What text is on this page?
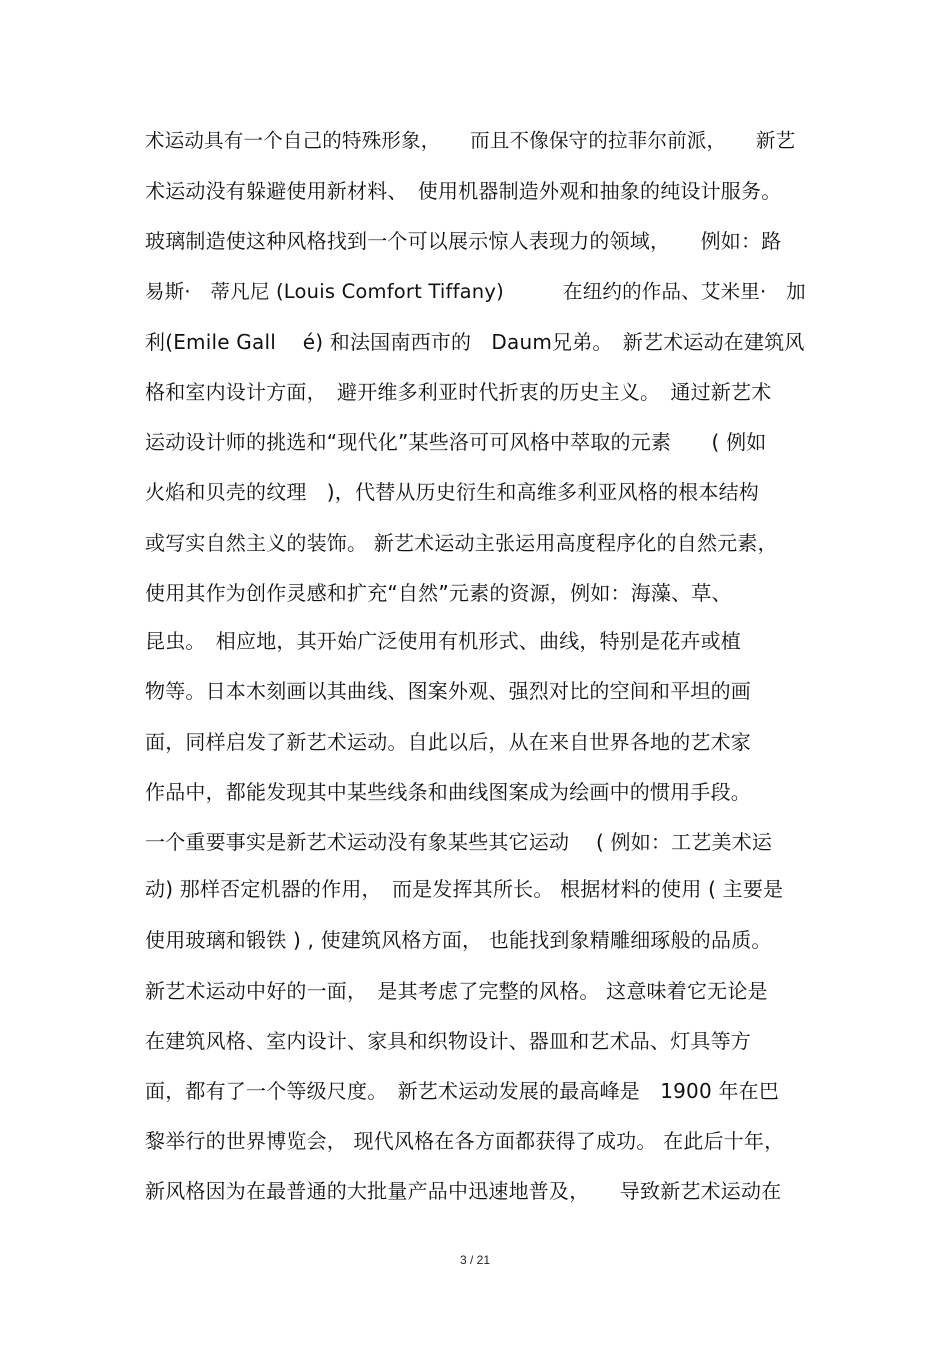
术运动具有一个自己的特殊形象，　　而且不像保守的拉菲尔前派，　　新艺
术运动没有躲避使用新材料、　使用机器制造外观和抽象的纯设计服务。
玻璃制造使这种风格找到一个可以展示惊人表现力的领域，　　例如：路
易斯·　蒂凡尼 (Louis Comfort Tiffany)　　　在纽约的作品、艾米里·　加
利(Emile Gall　 é) 和法国南西市的　Daum兄弟。　新艺术运动在建筑风
格和室内设计方面，　避开维多利亚时代折衷的历史主义。　通过新艺术
运动设计师的挑选和“现代化”某些洛可可风格中萃取的元素　　( 例如
火焰和贝壳的纹理　)，代替从历史衍生和高维多利亚风格的根本结构
或写实自然主义的装饰。 新艺术运动主张运用高度程序化的自然元素，
使用其作为创作灵感和扩充“自然”元素的资源，例如：海藻、草、
昆虫。　相应地，其开始广泛使用有机形式、曲线，特别是花卉或植
物等。日本木刻画以其曲线、图案外观、强烈对比的空间和平坦的画
面，同样启发了新艺术运动。自此以后，从在来自世界各地的艺术家
作品中，都能发现其中某些线条和曲线图案成为绘画中的惯用手段。
一个重要事实是新艺术运动没有象某些其它运动　 ( 例如：工艺美术运
动) 那样否定机器的作用，　而是发挥其所长。 根据材料的使用 ( 主要是
使用玻璃和锻铁 ) , 使建筑风格方面， 也能找到象精雕细琢般的品质。
新艺术运动中好的一面，　是其考虑了完整的风格。 这意味着它无论是
在建筑风格、室内设计、家具和织物设计、器皿和艺术品、灯具等方
面，都有了一个等级尺度。　新艺术运动发展的最高峰是　1900 年在巴
黎举行的世界博览会， 现代风格在各方面都获得了成功。 在此后十年，
新风格因为在最普通的大批量产品中迅速地普及，　　导致新艺术运动在
3 / 21
